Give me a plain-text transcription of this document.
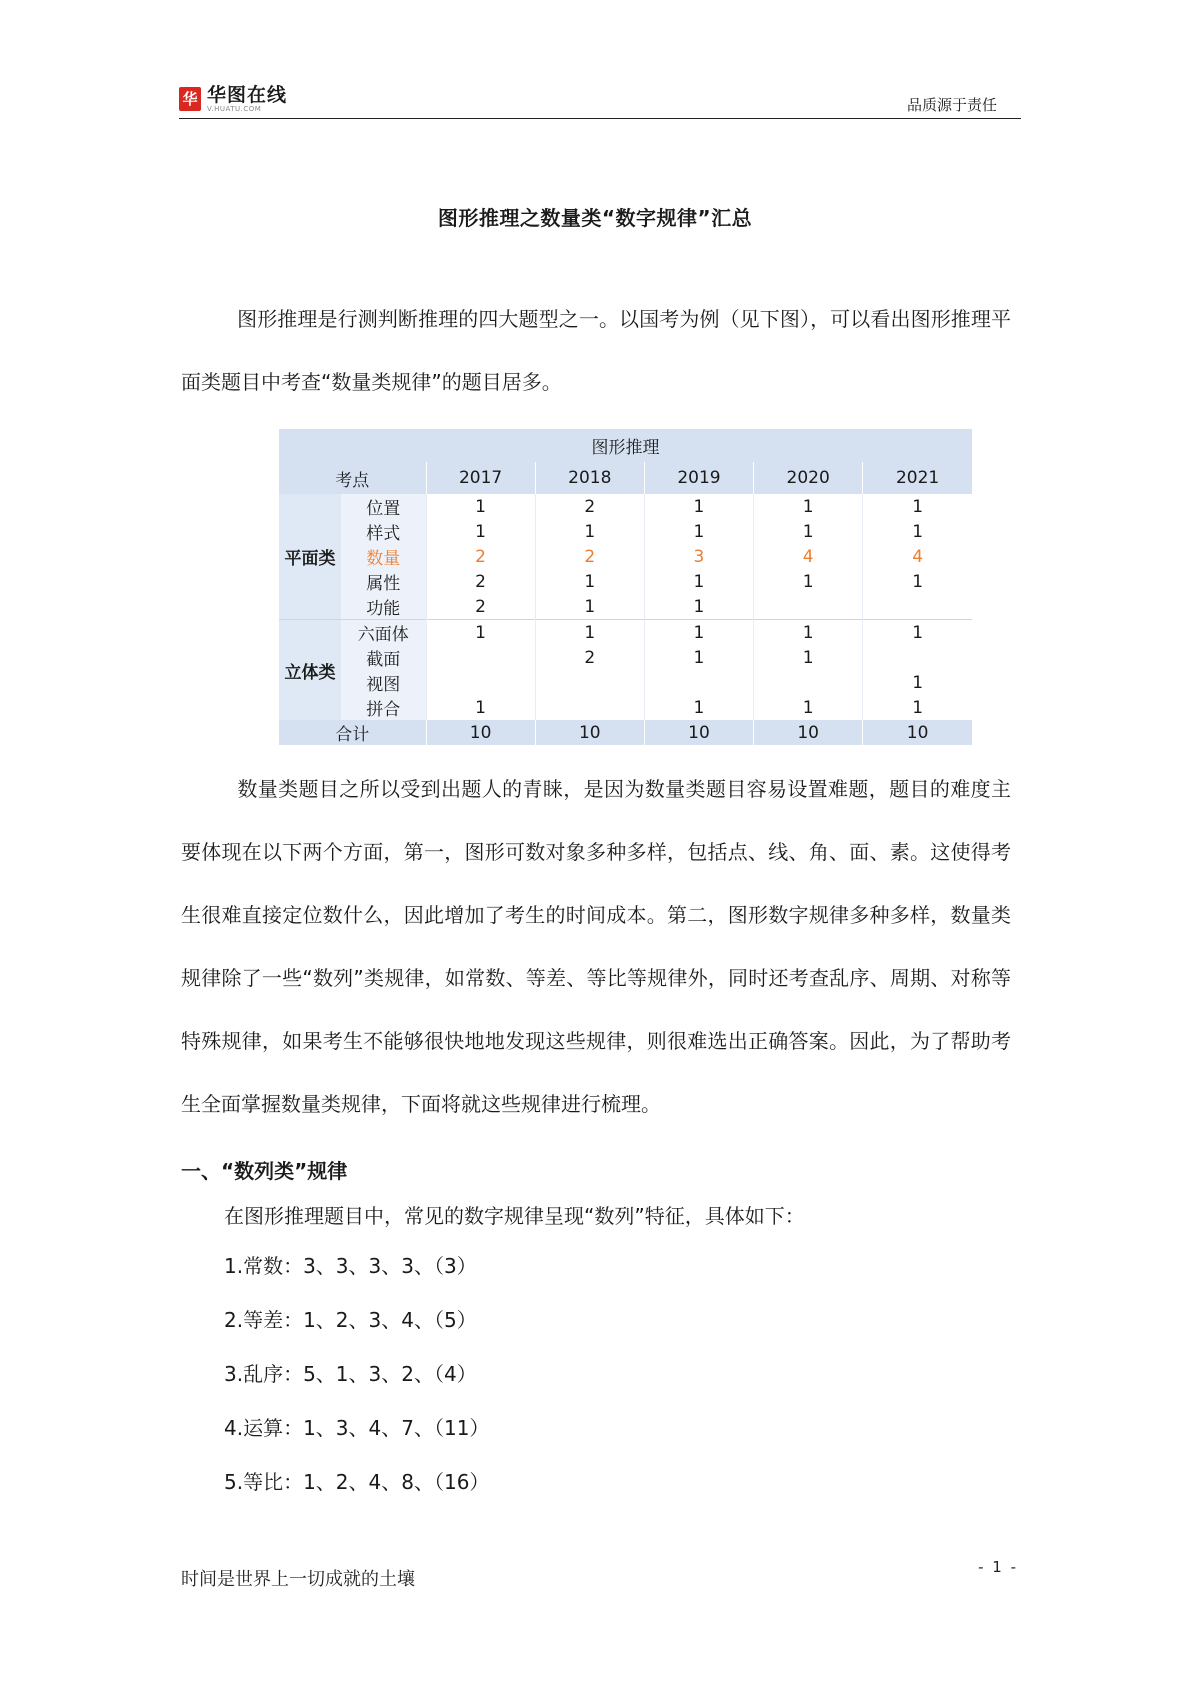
华 华图在线
V.HUATU.COM	品质源于责任
图形推理之数量类“数字规律”汇总

图形推理是行测判断推理的四大题型之一。以国考为例（见下图），可以看出图形推理平面类题目中考查“数量类规律”的题目居多。

图形推理						
考点		2017	2018	2019	2020	2021
平面类	位置	1	2	1	1	1
	样式	1	1	1	1	1
	数量	2	2	3	4	4
	属性	2	1	1	1	1
	功能	2	1	1		
立体类	六面体	1	1	1	1	1
	截面		2	1	1	
	视图					1
	拼合	1		1	1	1
合计		10	10	10	10	10

数量类题目之所以受到出题人的青睐，是因为数量类题目容易设置难题，题目的难度主要体现在以下两个方面，第一，图形可数对象多种多样，包括点、线、角、面、素。这使得考生很难直接定位数什么，因此增加了考生的时间成本。第二，图形数字规律多种多样，数量类规律除了一些“数列”类规律，如常数、等差、等比等规律外，同时还考查乱序、周期、对称等特殊规律，如果考生不能够很快地地发现这些规律，则很难选出正确答案。因此，为了帮助考生全面掌握数量类规律，下面将就这些规律进行梳理。

一、“数列类”规律
在图形推理题目中，常见的数字规律呈现“数列”特征，具体如下：
1.常数：3、3、3、3、（3）
2.等差：1、2、3、4、（5）
3.乱序：5、1、3、2、（4）
4.运算：1、3、4、7、（11）
5.等比：1、2、4、8、（16）
时间是世界上一切成就的土壤
- 1 -
